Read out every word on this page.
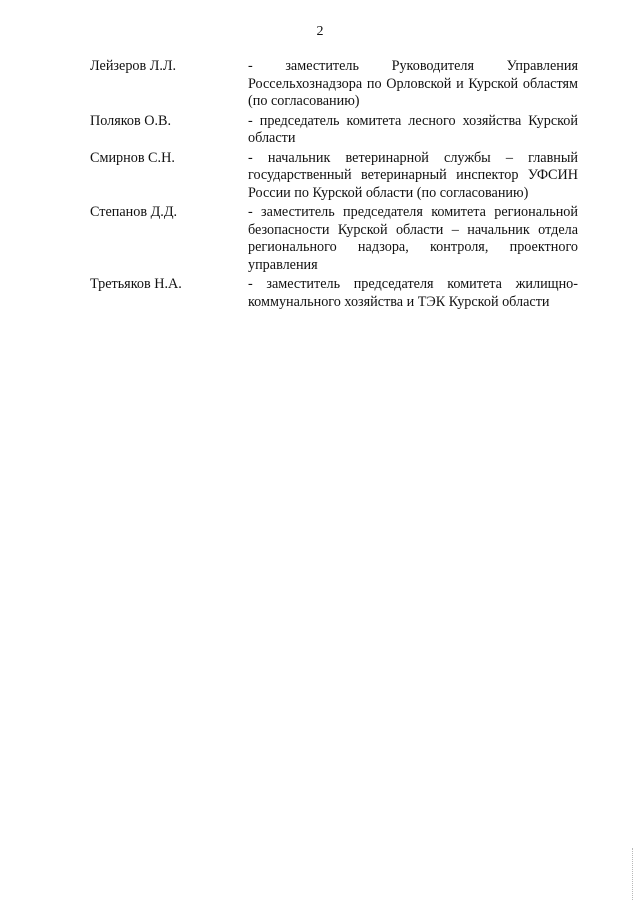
2
Лейзеров Л.Л.	- заместитель Руководителя Управления Россельхознадзора по Орловской и Курской областям (по согласованию)
Поляков О.В.	- председатель комитета лесного хозяйства Курской области
Смирнов С.Н.	- начальник ветеринарной службы – главный государственный ветеринарный инспектор УФСИН России по Курской области (по согласованию)
Степанов Д.Д.	- заместитель председателя комитета региональной безопасности Курской области – начальник отдела регионального надзора, контроля, проектного управления
Третьяков Н.А.	- заместитель председателя комитета жилищно-коммунального хозяйства и ТЭК Курской области
